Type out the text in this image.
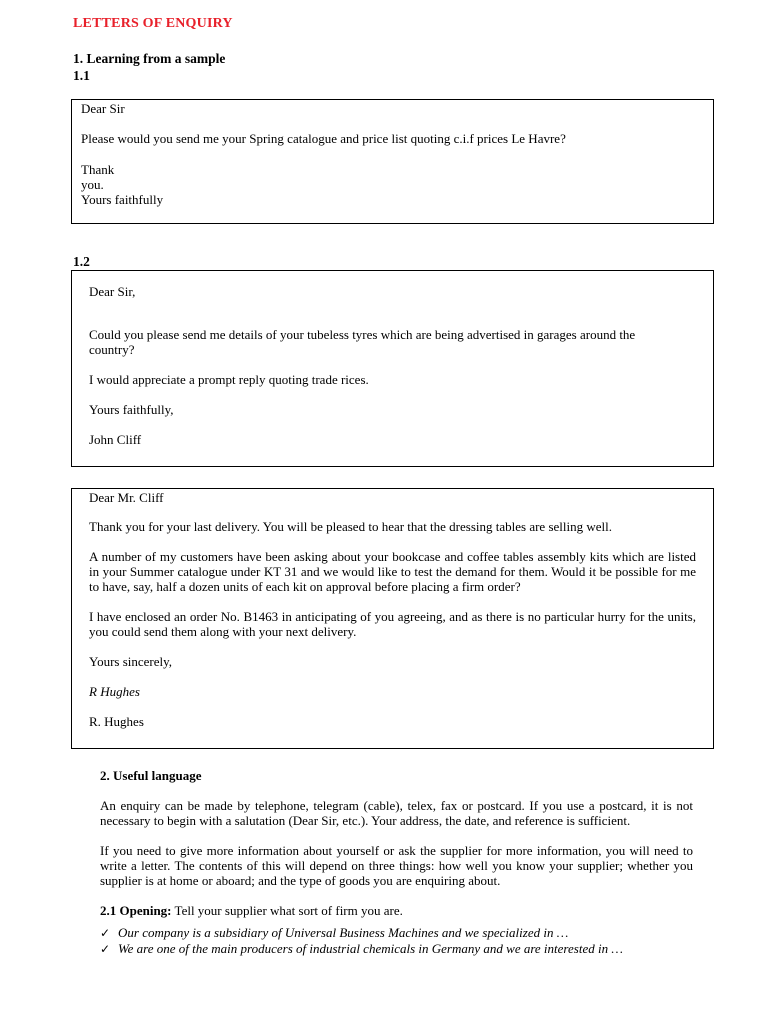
LETTERS OF ENQUIRY
1. Learning from a sample
1.1

Dear Sir

Please would you send me your Spring catalogue and price list quoting c.i.f prices Le Havre?

Thank

you.

Yours faithfully

1.2

Dear Sir,

Could you please send me details of your tubeless tyres which are being advertised in garages around the

country?

I would appreciate a prompt reply quoting trade rices.

Yours faithfully,

John Cliff

Dear Mr. Cliff

Thank you for your last delivery. You will be pleased to hear that the dressing tables are selling well.

A number of my customers have been asking about your bookcase and coffee tables assembly kits which are listed in your Summer catalogue under KT 31 and we would like to test the demand for them. Would it be possible for me to have, say, half a dozen units of each kit on approval before placing a firm order?

I have enclosed an order No. B1463 in anticipating of you agreeing, and as there is no particular hurry for the units, you could send them along with your next delivery.

Yours sincerely,

R Hughes

R. Hughes

2. Useful language

An enquiry can be made by telephone, telegram (cable), telex, fax or postcard. If you use a postcard, it is not necessary to begin with a salutation (Dear Sir, etc.). Your address, the date, and reference is sufficient.

If you need to give more information about yourself or ask the supplier for more information, you will need to write a letter. The contents of this will depend on three things: how well you know your supplier; whether you supplier is at home or aboard; and the type of goods you are enquiring about.

2.1 Opening: Tell your supplier what sort of firm you are.

✓ Our company is a subsidiary of Universal Business Machines and we specialized in …
✓ We are one of the main producers of industrial chemicals in Germany and we are interested in …
